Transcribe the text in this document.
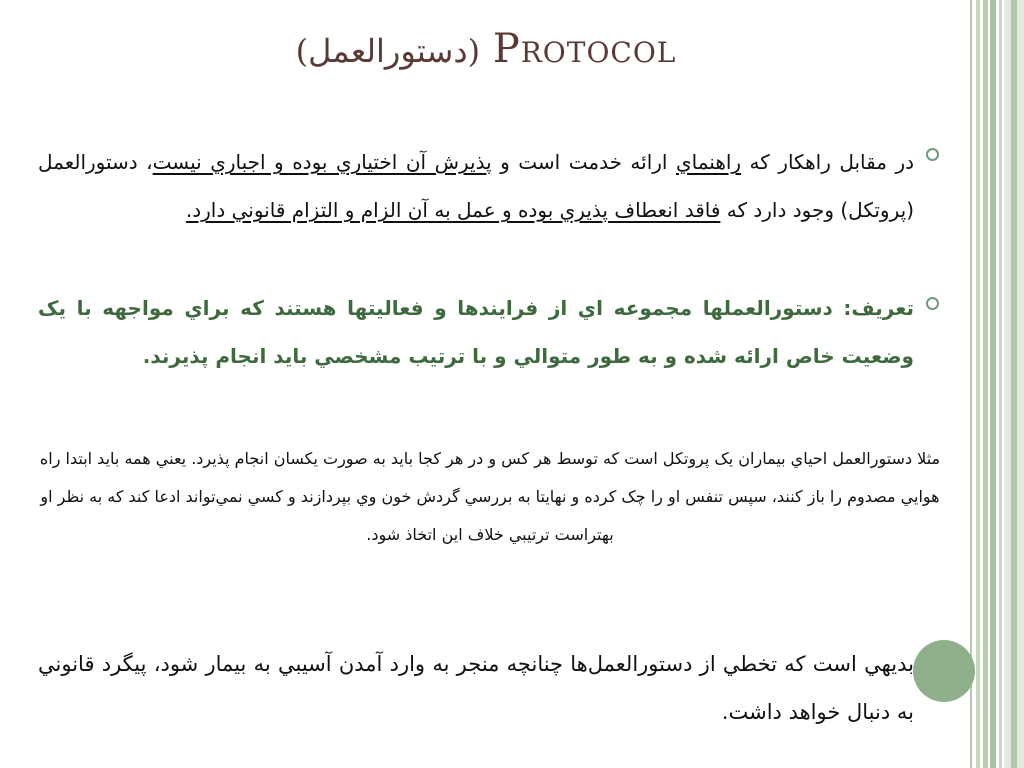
(دستورالعمل) Protocol
در مقابل راهکار که راهنماي ارائه خدمت است و پذيرش آن اختياري بوده و اجباري نيست، دستورالعمل (پروتکل) وجود دارد که فاقد انعطاف پذيري بوده و عمل به آن الزام و التزام قانوني دارد.
تعريف: دستورالعملها مجموعه اي از فرايندها و فعاليتها هستند که براي مواجهه با يک وضعيت خاص ارائه شده و به طور متوالي و با ترتيب مشخصي بايد انجام پذيرند.
مثلا دستورالعمل احياي بيماران يک پروتکل است که توسط هر کس و در هر کجا بايد به صورت يکسان انجام پذيرد. يعني همه بايد ابتدا راه هوايي مصدوم را باز کنند، سپس تنفس او را چک کرده و نهايتا به بررسي گردش خون وي بپردازند و کسي نمي‌تواند ادعا کند که به نظر او بهتراست ترتيبي خلاف اين اتخاذ شود.
بديهي است که تخطي از دستورالعمل‌ها چنانچه منجر به وارد آمدن آسيبي به بيمار شود، پيگرد قانوني به دنبال خواهد داشت.
